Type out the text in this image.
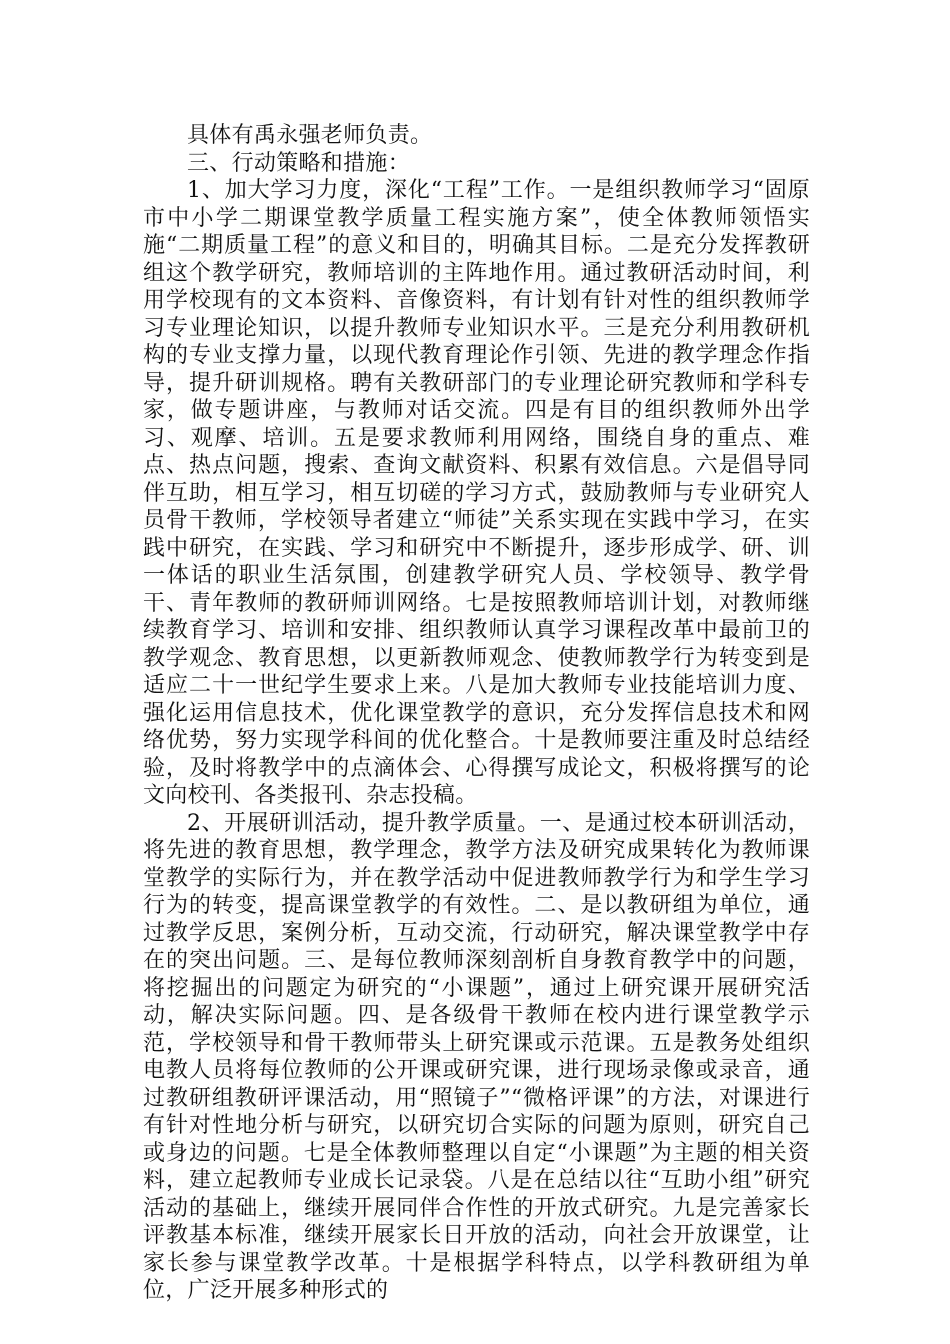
具体有禹永强老师负责。

三、行动策略和措施：

1、加大学习力度，深化“工程”工作。一是组织教师学习“固原市中小学二期课堂教学质量工程实施方案”，使全体教师领悟实施“二期质量工程”的意义和目的，明确其目标。二是充分发挥教研组这个教学研究，教师培训的主阵地作用。通过教研活动时间，利用学校现有的文本资料、音像资料，有计划有针对性的组织教师学习专业理论知识，以提升教师专业知识水平。三是充分利用教研机构的专业支撑力量，以现代教育理论作引领、先进的教学理念作指导，提升研训规格。聘有关教研部门的专业理论研究教师和学科专家，做专题讲座，与教师对话交流。四是有目的组织教师外出学习、观摩、培训。五是要求教师利用网络，围绕自身的重点、难点、热点问题，搜索、查询文献资料、积累有效信息。六是倡导同伴互助，相互学习，相互切磋的学习方式，鼓励教师与专业研究人员骨干教师，学校领导者建立“师徒”关系实现在实践中学习，在实践中研究，在实践、学习和研究中不断提升，逐步形成学、研、训一体话的职业生活氛围，创建教学研究人员、学校领导、教学骨干、青年教师的教研师训网络。七是按照教师培训计划，对教师继续教育学习、培训和安排、组织教师认真学习课程改革中最前卫的教学观念、教育思想，以更新教师观念、使教师教学行为转变到是适应二十一世纪学生要求上来。八是加大教师专业技能培训力度、强化运用信息技术，优化课堂教学的意识，充分发挥信息技术和网络优势，努力实现学科间的优化整合。十是教师要注重及时总结经验，及时将教学中的点滴体会、心得撰写成论文，积极将撰写的论文向校刊、各类报刊、杂志投稿。

2、开展研训活动，提升教学质量。一、是通过校本研训活动，将先进的教育思想，教学理念，教学方法及研究成果转化为教师课堂教学的实际行为，并在教学活动中促进教师教学行为和学生学习行为的转变，提高课堂教学的有效性。二、是以教研组为单位，通过教学反思，案例分析，互动交流，行动研究，解决课堂教学中存在的突出问题。三、是每位教师深刻剖析自身教育教学中的问题，将挖掘出的问题定为研究的“小课题”，通过上研究课开展研究活动，解决实际问题。四、是各级骨干教师在校内进行课堂教学示范，学校领导和骨干教师带头上研究课或示范课。五是教务处组织电教人员将每位教师的公开课或研究课，进行现场录像或录音，通过教研组教研评课活动，用“照镜子”“微格评课”的方法，对课进行有针对性地分析与研究，以研究切合实际的问题为原则，研究自己或身边的问题。七是全体教师整理以自定“小课题”为主题的相关资料，建立起教师专业成长记录袋。八是在总结以往“互助小组”研究活动的基础上，继续开展同伴合作性的开放式研究。九是完善家长评教基本标准，继续开展家长日开放的活动，向社会开放课堂，让家长参与课堂教学改革。十是根据学科特点，以学科教研组为单位，广泛开展多种形式的
